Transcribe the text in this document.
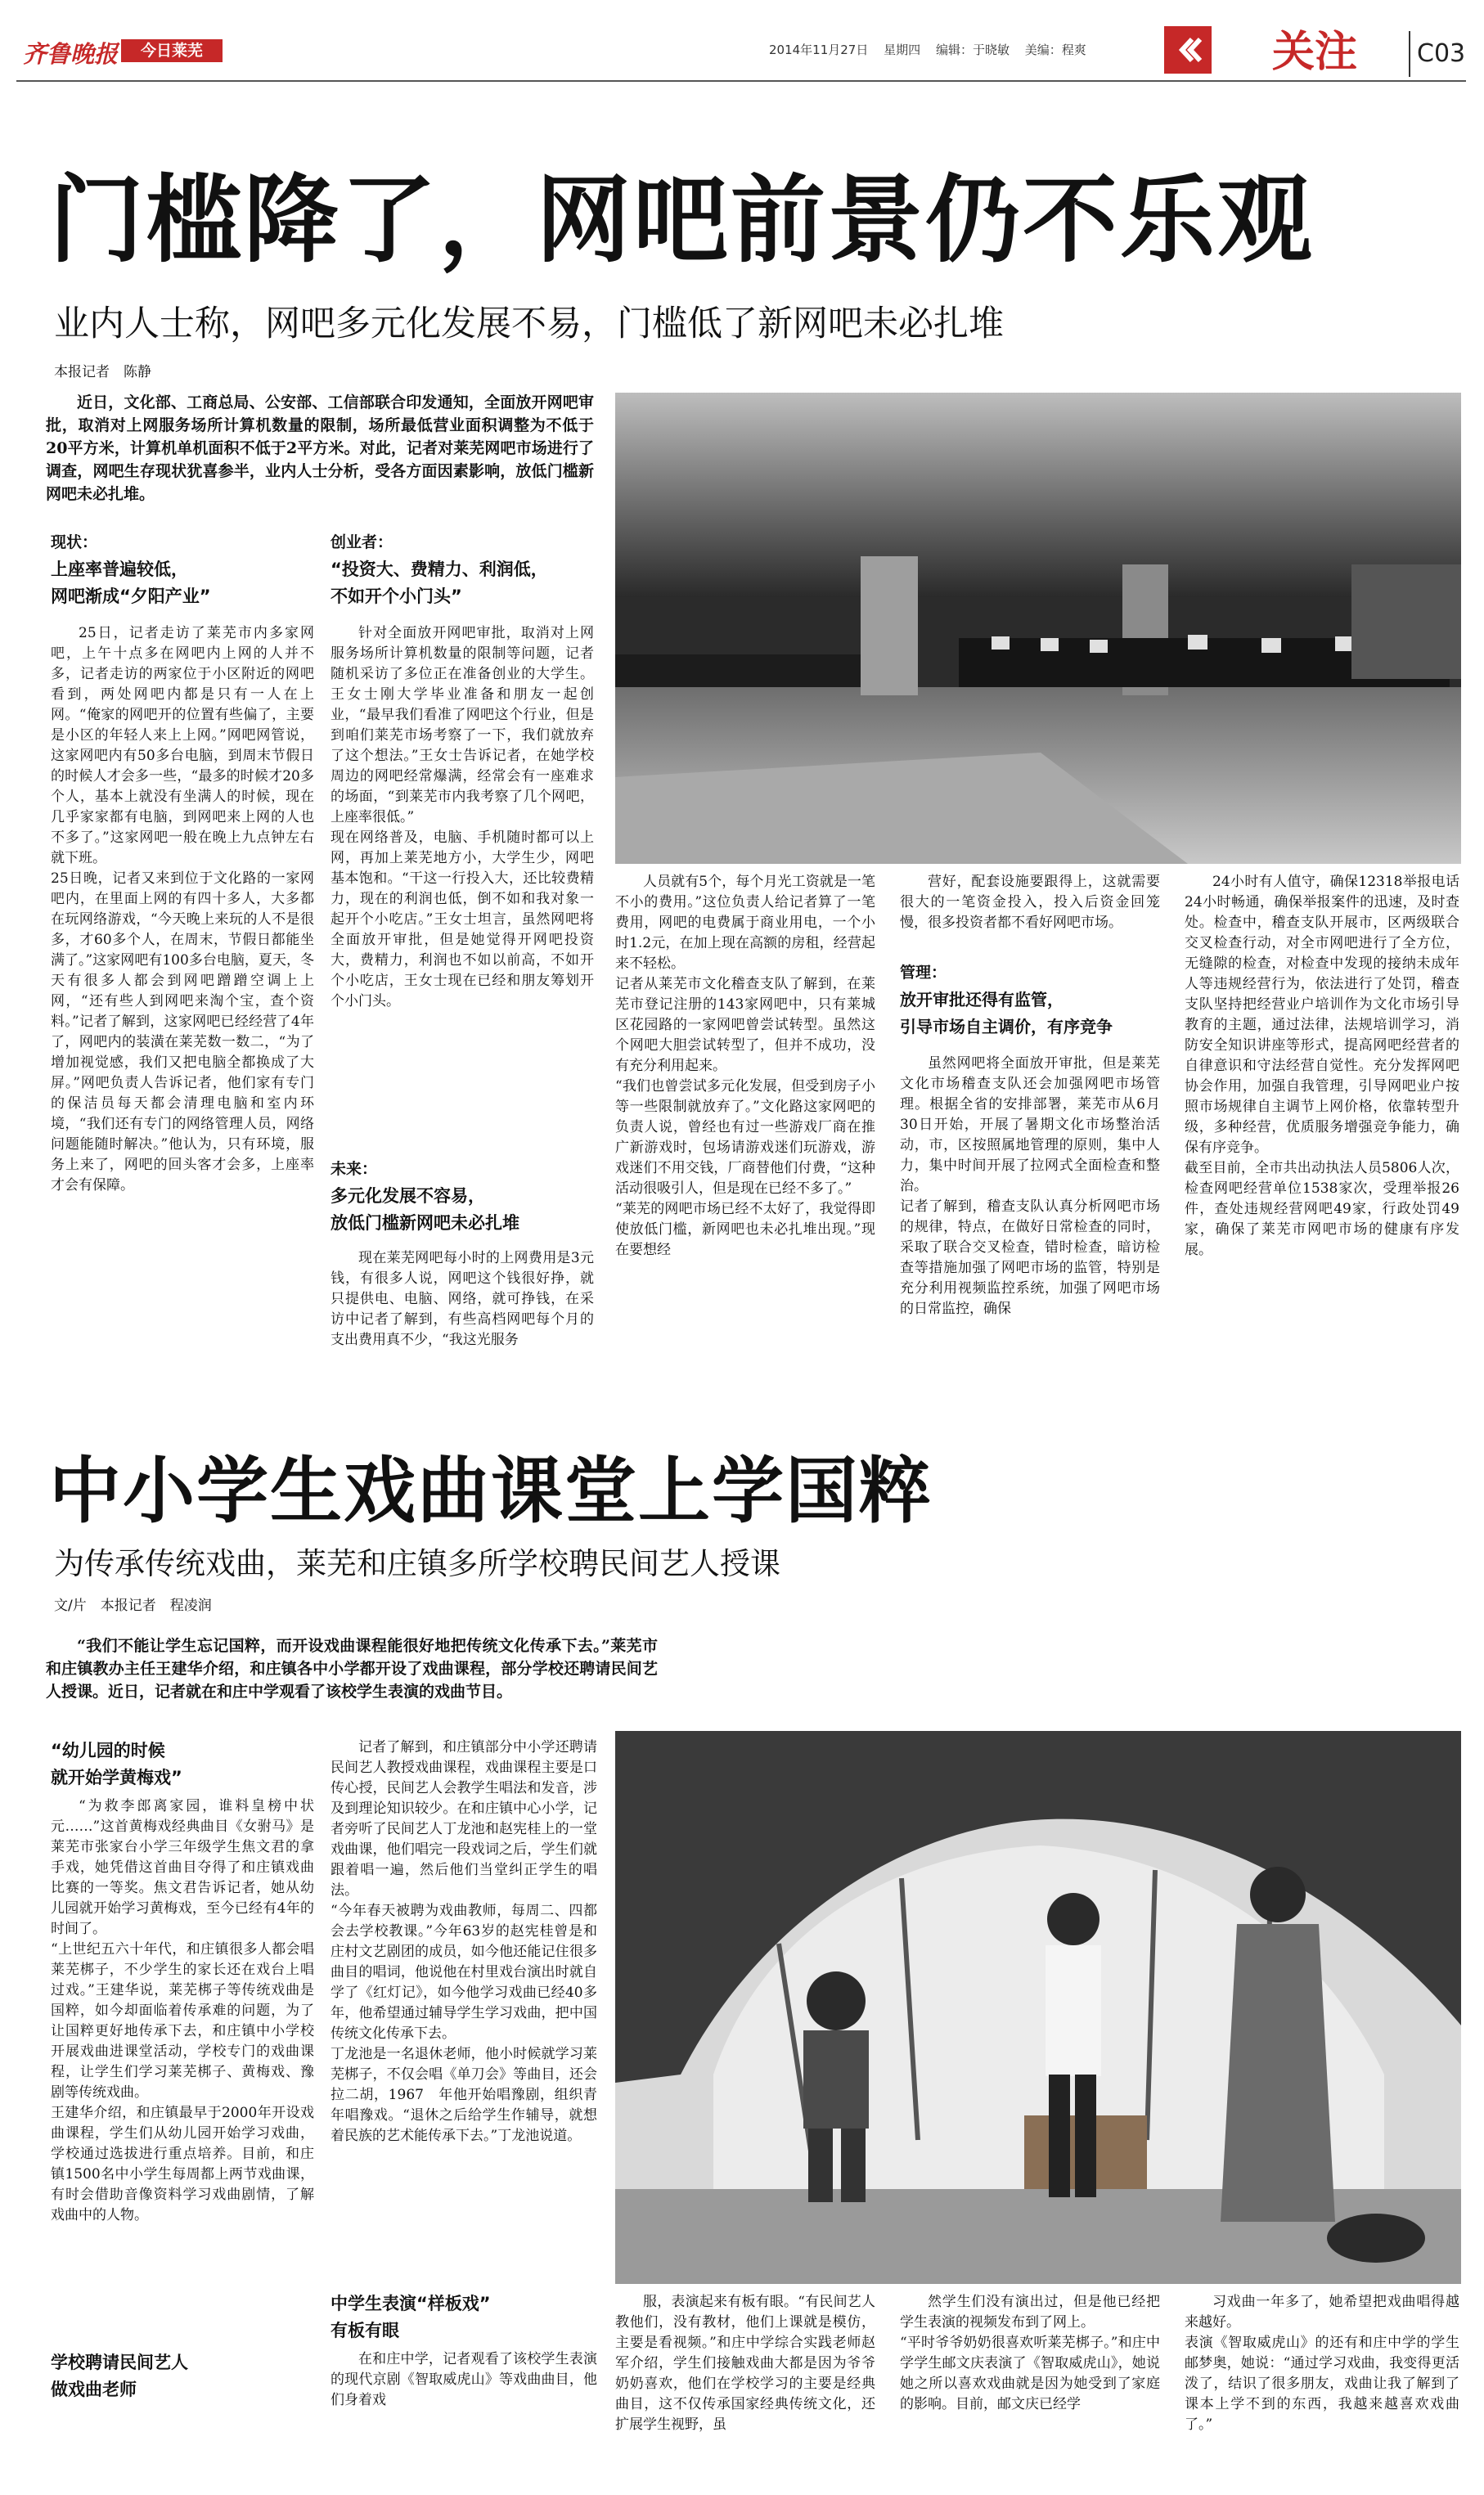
齐鲁晚报	今日莱芜	2014年11月27日 星期四 编辑：于晓敏 美编：程爽	关注 C03
门槛降了，网吧前景仍不乐观
业内人士称，网吧多元化发展不易，门槛低了新网吧未必扎堆
本报记者　陈静
近日，文化部、工商总局、公安部、工信部联合印发通知，全面放开网吧审批，取消对上网服务场所计算机数量的限制，场所最低营业面积调整为不低于20平方米，计算机单机面积不低于2平方米。对此，记者对莱芜网吧市场进行了调查，网吧生存现状犹喜参半，业内人士分析，受各方面因素影响，放低门槛新网吧未必扎堆。
现状：
上座率普遍较低，
网吧渐成“夕阳产业”
25日，记者走访了莱芜市内多家网吧，上午十点多在网吧内上网的人并不多，记者走访的两家位于小区附近的网吧看到，两处网吧内都是只有一人在上网。“俺家的网吧开的位置有些偏了，主要是小区的年轻人来上上网。”网吧网管说，这家网吧内有50多台电脑，到周末节假日的时候人才会多一些，“最多的时候才20多个人，基本上就没有坐满人的时候，现在几乎家家都有电脑，到网吧来上网的人也不多了。”这家网吧一般在晚上九点钟左右就下班。
25日晚，记者又来到位于文化路的一家网吧内，在里面上网的有四十多人，大多都在玩网络游戏，“今天晚上来玩的人不是很多，才60多个人，在周末，节假日都能坐满了。”这家网吧有100多台电脑，夏天，冬天有很多人都会到网吧蹭蹭空调上上网，“还有些人到网吧来淘个宝，查个资料。”记者了解到，这家网吧已经经营了4年了，网吧内的装潢在莱芜数一数二，“为了增加视觉感，我们又把电脑全都换成了大屏。”网吧负责人告诉记者，他们家有专门的保洁员每天都会清理电脑和室内环境，“我们还有专门的网络管理人员，网络问题能随时解决。”他认为，只有环境，服务上来了，网吧的回头客才会多，上座率才会有保障。
创业者：
“投资大、费精力、利润低，
不如开个小门头”
针对全面放开网吧审批，取消对上网服务场所计算机数量的限制等问题，记者随机采访了多位正在准备创业的大学生。王女士刚大学毕业准备和朋友一起创业，“最早我们看准了网吧这个行业，但是到咱们莱芜市场考察了一下，我们就放弃了这个想法。”王女士告诉记者，在她学校周边的网吧经常爆满，经常会有一座难求的场面，“到莱芜市内我考察了几个网吧，上座率很低。”
现在网络普及，电脑、手机随时都可以上网，再加上莱芜地方小，大学生少，网吧基本饱和。“干这一行投入大，还比较费精力，现在的利润也低，倒不如和我对象一起开个小吃店。”王女士坦言，虽然网吧将全面放开审批，但是她觉得开网吧投资大，费精力，利润也不如以前高，不如开个小吃店，王女士现在已经和朋友筹划开个小门头。
未来：
多元化发展不容易，
放低门槛新网吧未必扎堆
现在莱芜网吧每小时的上网费用是3元钱，有很多人说，网吧这个钱很好挣，就只提供电、电脑、网络，就可挣钱，在采访中记者了解到，有些高档网吧每个月的支出费用真不少，“我这光服务
人员就有5个，每个月光工资就是一笔不小的费用。”这位负责人给记者算了一笔费用，网吧的电费属于商业用电，一个小时1.2元，在加上现在高额的房租，经营起来不轻松。
记者从莱芜市文化稽查支队了解到，在莱芜市登记注册的143家网吧中，只有莱城区花园路的一家网吧曾尝试转型。虽然这个网吧大胆尝试转型了，但并不成功，没有充分利用起来。
“我们也曾尝试多元化发展，但受到房子小等一些限制就放弃了。”文化路这家网吧的负责人说，曾经也有过一些游戏厂商在推广新游戏时，包场请游戏迷们玩游戏，游戏迷们不用交钱，厂商替他们付费，“这种活动很吸引人，但是现在已经不多了。”
“莱芜的网吧市场已经不太好了，我觉得即使放低门槛，新网吧也未必扎堆出现。”现在要想经
营好，配套设施要跟得上，这就需要很大的一笔资金投入，投入后资金回笼慢，很多投资者都不看好网吧市场。
管理：
放开审批还得有监管，
引导市场自主调价，有序竞争
虽然网吧将全面放开审批，但是莱芜文化市场稽查支队还会加强网吧市场管理。根据全省的安排部署，莱芜市从6月30日开始，开展了暑期文化市场整治活动，市，区按照属地管理的原则，集中人力，集中时间开展了拉网式全面检查和整治。
记者了解到，稽查支队认真分析网吧市场的规律，特点，在做好日常检查的同时，采取了联合交叉检查，错时检查，暗访检查等措施加强了网吧市场的监管，特别是充分利用视频监控系统，加强了网吧市场的日常监控，确保
24小时有人值守，确保12318举报电话24小时畅通，确保举报案件的迅速，及时查处。检查中，稽查支队开展市，区两级联合交叉检查行动，对全市网吧进行了全方位，无缝隙的检查，对检查中发现的接纳未成年人等违规经营行为，依法进行了处罚，稽查支队坚持把经营业户培训作为文化市场引导教育的主题，通过法律，法规培训学习，消防安全知识讲座等形式，提高网吧经营者的自律意识和守法经营自觉性。充分发挥网吧协会作用，加强自我管理，引导网吧业户按照市场规律自主调节上网价格，依靠转型升级，多种经营，优质服务增强竞争能力，确保有序竞争。
截至目前，全市共出动执法人员5806人次，检查网吧经营单位1538家次，受理举报26件，查处违规经营网吧49家，行政处罚49家，确保了莱芜市网吧市场的健康有序发展。
中小学生戏曲课堂上学国粹
为传承传统戏曲，莱芜和庄镇多所学校聘民间艺人授课
文/片　本报记者　程凌润
“我们不能让学生忘记国粹，而开设戏曲课程能很好地把传统文化传承下去。”莱芜市和庄镇教办主任王建华介绍，和庄镇各中小学都开设了戏曲课程，部分学校还聘请民间艺人授课。近日，记者就在和庄中学观看了该校学生表演的戏曲节目。
“幼儿园的时候
就开始学黄梅戏”
“为救李郎离家园，谁料皇榜中状元……”这首黄梅戏经典曲目《女驸马》是莱芜市张家台小学三年级学生焦文君的拿手戏，她凭借这首曲目夺得了和庄镇戏曲比赛的一等奖。焦文君告诉记者，她从幼儿园就开始学习黄梅戏，至今已经有4年的时间了。
“上世纪五六十年代，和庄镇很多人都会唱莱芜梆子，不少学生的家长还在戏台上唱过戏。”王建华说，莱芜梆子等传统戏曲是国粹，如今却面临着传承难的问题，为了让国粹更好地传承下去，和庄镇中小学校开展戏曲进课堂活动，学校专门的戏曲课程，让学生们学习莱芜梆子、黄梅戏、豫剧等传统戏曲。
王建华介绍，和庄镇最早于2000年开设戏曲课程，学生们从幼儿园开始学习戏曲，学校通过选拔进行重点培养。目前，和庄镇1500名中小学生每周都上两节戏曲课，有时会借助音像资料学习戏曲剧情，了解戏曲中的人物。
学校聘请民间艺人
做戏曲老师
记者了解到，和庄镇部分中小学还聘请民间艺人教授戏曲课程，戏曲课程主要是口传心授，民间艺人会教学生唱法和发音，涉及到理论知识较少。在和庄镇中心小学，记者旁听了民间艺人丁龙池和赵宪桂上的一堂戏曲课，他们唱完一段戏词之后，学生们就跟着唱一遍，然后他们当堂纠正学生的唱法。
“今年春天被聘为戏曲教师，每周二、四都会去学校教课。”今年63岁的赵宪桂曾是和庄村文艺剧团的成员，如今他还能记住很多曲目的唱词，他说他在村里戏台演出时就自学了《红灯记》，如今他学习戏曲已经40多年，他希望通过辅导学生学习戏曲，把中国传统文化传承下去。
丁龙池是一名退休老师，他小时候就学习莱芜梆子，不仅会唱《单刀会》等曲目，还会拉二胡，1967　年他开始唱豫剧，组织青年唱豫戏。“退休之后给学生作辅导，就想着民族的艺术能传承下去。”丁龙池说道。
中学生表演“样板戏”
有板有眼
在和庄中学，记者观看了该校学生表演的现代京剧《智取威虎山》等戏曲曲目，他们身着戏
服，表演起来有板有眼。“有民间艺人教他们，没有教材，他们上课就是模仿，主要是看视频。”和庄中学综合实践老师赵军介绍，学生们接触戏曲大都是因为爷爷奶奶喜欢，他们在学校学习的主要是经典曲目，这不仅传承国家经典传统文化，还扩展学生视野，虽
然学生们没有演出过，但是他已经把学生表演的视频发布到了网上。
“平时爷爷奶奶很喜欢听莱芜梆子。”和庄中学学生邮文庆表演了《智取威虎山》，她说她之所以喜欢戏曲就是因为她受到了家庭的影响。目前，邮文庆已经学
习戏曲一年多了，她希望把戏曲唱得越来越好。
表演《智取威虎山》的还有和庄中学的学生邮梦奥，她说：“通过学习戏曲，我变得更活泼了，结识了很多朋友，戏曲让我了解到了课本上学不到的东西，我越来越喜欢戏曲了。”
